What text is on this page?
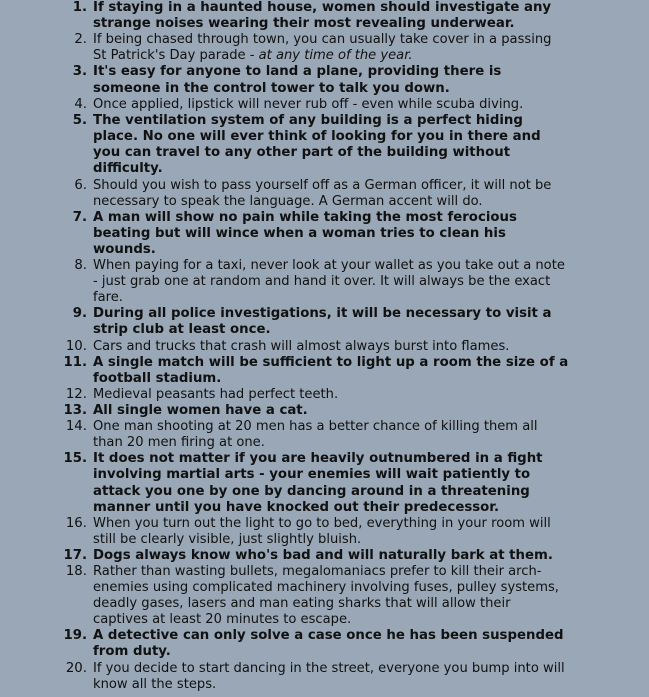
1. If staying in a haunted house, women should investigate any strange noises wearing their most revealing underwear.
2. If being chased through town, you can usually take cover in a passing St Patrick's Day parade - at any time of the year.
3. It's easy for anyone to land a plane, providing there is someone in the control tower to talk you down.
4. Once applied, lipstick will never rub off - even while scuba diving.
5. The ventilation system of any building is a perfect hiding place. No one will ever think of looking for you in there and you can travel to any other part of the building without difficulty.
6. Should you wish to pass yourself off as a German officer, it will not be necessary to speak the language. A German accent will do.
7. A man will show no pain while taking the most ferocious beating but will wince when a woman tries to clean his wounds.
8. When paying for a taxi, never look at your wallet as you take out a note - just grab one at random and hand it over. It will always be the exact fare.
9. During all police investigations, it will be necessary to visit a strip club at least once.
10. Cars and trucks that crash will almost always burst into flames.
11. A single match will be sufficient to light up a room the size of a football stadium.
12. Medieval peasants had perfect teeth.
13. All single women have a cat.
14. One man shooting at 20 men has a better chance of killing them all than 20 men firing at one.
15. It does not matter if you are heavily outnumbered in a fight involving martial arts - your enemies will wait patiently to attack you one by one by dancing around in a threatening manner until you have knocked out their predecessor.
16. When you turn out the light to go to bed, everything in your room will still be clearly visible, just slightly bluish.
17. Dogs always know who's bad and will naturally bark at them.
18. Rather than wasting bullets, megalomaniacs prefer to kill their arch-enemies using complicated machinery involving fuses, pulley systems, deadly gases, lasers and man eating sharks that will allow their captives at least 20 minutes to escape.
19. A detective can only solve a case once he has been suspended from duty.
20. If you decide to start dancing in the street, everyone you bump into will know all the steps.
